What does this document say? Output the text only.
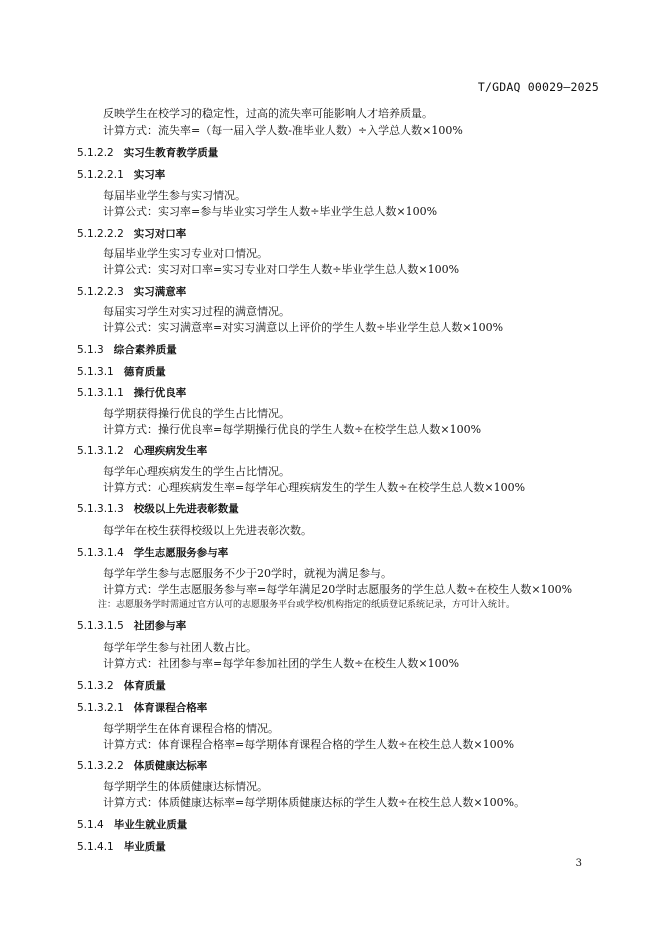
T/GDAQ 00029—2025
反映学生在校学习的稳定性，过高的流失率可能影响人才培养质量。
计算方式：流失率=（每一届入学人数-准毕业人数）÷入学总人数×100%
5.1.2.2 实习生教育教学质量
5.1.2.2.1 实习率
每届毕业学生参与实习情况。
计算公式：实习率=参与毕业实习学生人数÷毕业学生总人数×100%
5.1.2.2.2 实习对口率
每届毕业学生实习专业对口情况。
计算公式：实习对口率=实习专业对口学生人数÷毕业学生总人数×100%
5.1.2.2.3 实习满意率
每届实习学生对实习过程的满意情况。
计算公式：实习满意率=对实习满意以上评价的学生人数÷毕业学生总人数×100%
5.1.3 综合素养质量
5.1.3.1 德育质量
5.1.3.1.1 操行优良率
每学期获得操行优良的学生占比情况。
计算方式：操行优良率=每学期操行优良的学生人数÷在校学生总人数×100%
5.1.3.1.2 心理疾病发生率
每学年心理疾病发生的学生占比情况。
计算方式：心理疾病发生率=每学年心理疾病发生的学生人数÷在校学生总人数×100%
5.1.3.1.3 校级以上先进表彰数量
每学年在校生获得校级以上先进表彰次数。
5.1.3.1.4 学生志愿服务参与率
每学年学生参与志愿服务不少于20学时，就视为满足参与。
计算方式：学生志愿服务参与率=每学年满足20学时志愿服务的学生总人数÷在校生人数×100%
注：志愿服务学时需通过官方认可的志愿服务平台或学校/机构指定的纸质登记系统记录，方可计入统计。
5.1.3.1.5 社团参与率
每学年学生参与社团人数占比。
计算方式：社团参与率=每学年参加社团的学生人数÷在校生人数×100%
5.1.3.2 体育质量
5.1.3.2.1 体育课程合格率
每学期学生在体育课程合格的情况。
计算方式：体育课程合格率=每学期体育课程合格的学生人数÷在校生总人数×100%
5.1.3.2.2 体质健康达标率
每学期学生的体质健康达标情况。
计算方式：体质健康达标率=每学期体质健康达标的学生人数÷在校生总人数×100%。
5.1.4 毕业生就业质量
5.1.4.1 毕业质量
3
